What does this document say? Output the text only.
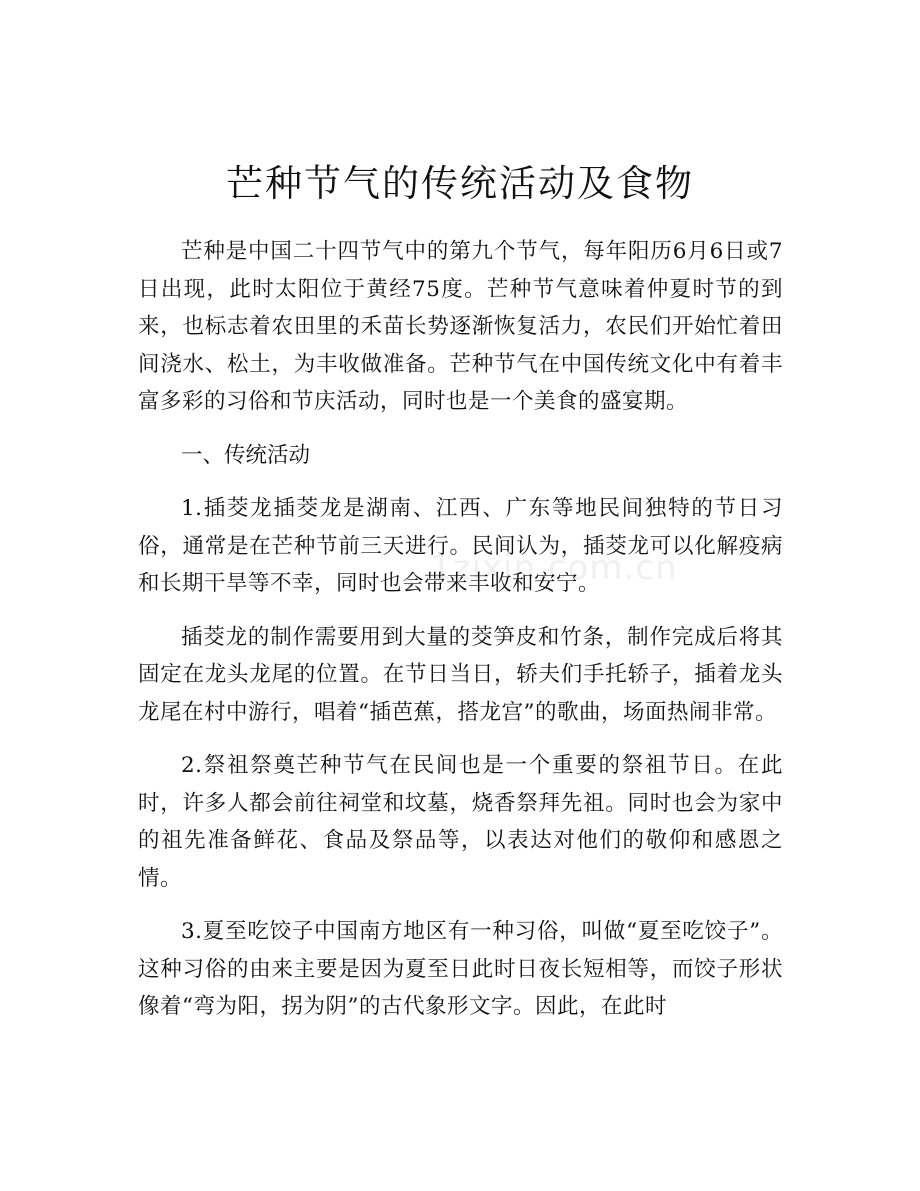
芒种节气的传统活动及食物

芒种是中国二十四节气中的第九个节气，每年阳历6月6日或7日出现，此时太阳位于黄经75度。芒种节气意味着仲夏时节的到来，也标志着农田里的禾苗长势逐渐恢复活力，农民们开始忙着田间浇水、松土，为丰收做准备。芒种节气在中国传统文化中有着丰富多彩的习俗和节庆活动，同时也是一个美食的盛宴期。

一、传统活动

1.插茭龙插茭龙是湖南、江西、广东等地民间独特的节日习俗，通常是在芒种节前三天进行。民间认为，插茭龙可以化解疫病和长期干旱等不幸，同时也会带来丰收和安宁。

插茭龙的制作需要用到大量的茭笋皮和竹条，制作完成后将其固定在龙头龙尾的位置。在节日当日，轿夫们手托轿子，插着龙头龙尾在村中游行，唱着“插芭蕉，搭龙宫”的歌曲，场面热闹非常。

2.祭祖祭奠芒种节气在民间也是一个重要的祭祖节日。在此时，许多人都会前往祠堂和坟墓，烧香祭拜先祖。同时也会为家中的祖先准备鲜花、食品及祭品等，以表达对他们的敬仰和感恩之情。

3.夏至吃饺子中国南方地区有一种习俗，叫做“夏至吃饺子”。这种习俗的由来主要是因为夏至日此时日夜长短相等，而饺子形状像着“弯为阳，拐为阴”的古代象形文字。因此，在此时

1zixin.com.cn
